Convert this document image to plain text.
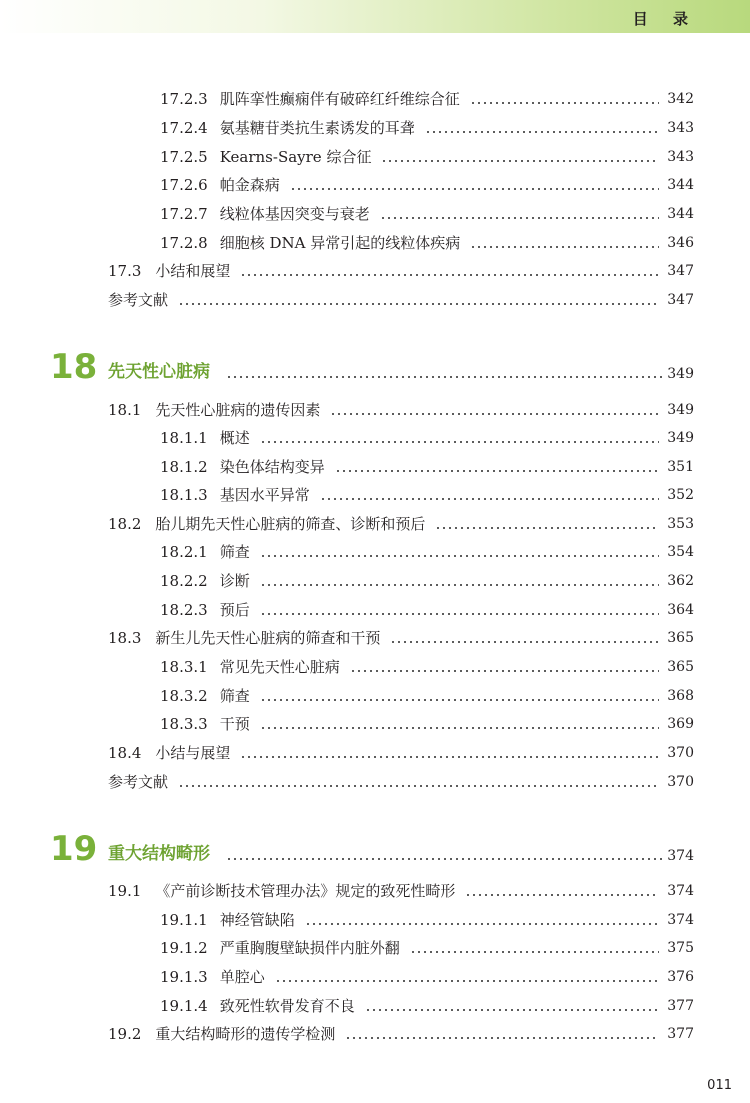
目 录
17.2.3 肌阵挛性癫痫伴有破碎红纤维综合征	342
17.2.4 氨基糖苷类抗生素诱发的耳聋	343
17.2.5 Kearns-Sayre 综合征	343
17.2.6 帕金森病	344
17.2.7 线粒体基因突变与衰老	344
17.2.8 细胞核 DNA 异常引起的线粒体疾病	346
17.3 小结和展望	347
参考文献	347
18 先天性心脏病	349
18.1 先天性心脏病的遗传因素	349
18.1.1 概述	349
18.1.2 染色体结构变异	351
18.1.3 基因水平异常	352
18.2 胎儿期先天性心脏病的筛查、诊断和预后	353
18.2.1 筛查	354
18.2.2 诊断	362
18.2.3 预后	364
18.3 新生儿先天性心脏病的筛查和干预	365
18.3.1 常见先天性心脏病	365
18.3.2 筛查	368
18.3.3 干预	369
18.4 小结与展望	370
参考文献	370
19 重大结构畸形	374
19.1 《产前诊断技术管理办法》规定的致死性畸形	374
19.1.1 神经管缺陷	374
19.1.2 严重胸腹壁缺损伴内脏外翻	375
19.1.3 单腔心	376
19.1.4 致死性软骨发育不良	377
19.2 重大结构畸形的遗传学检测	377
011
